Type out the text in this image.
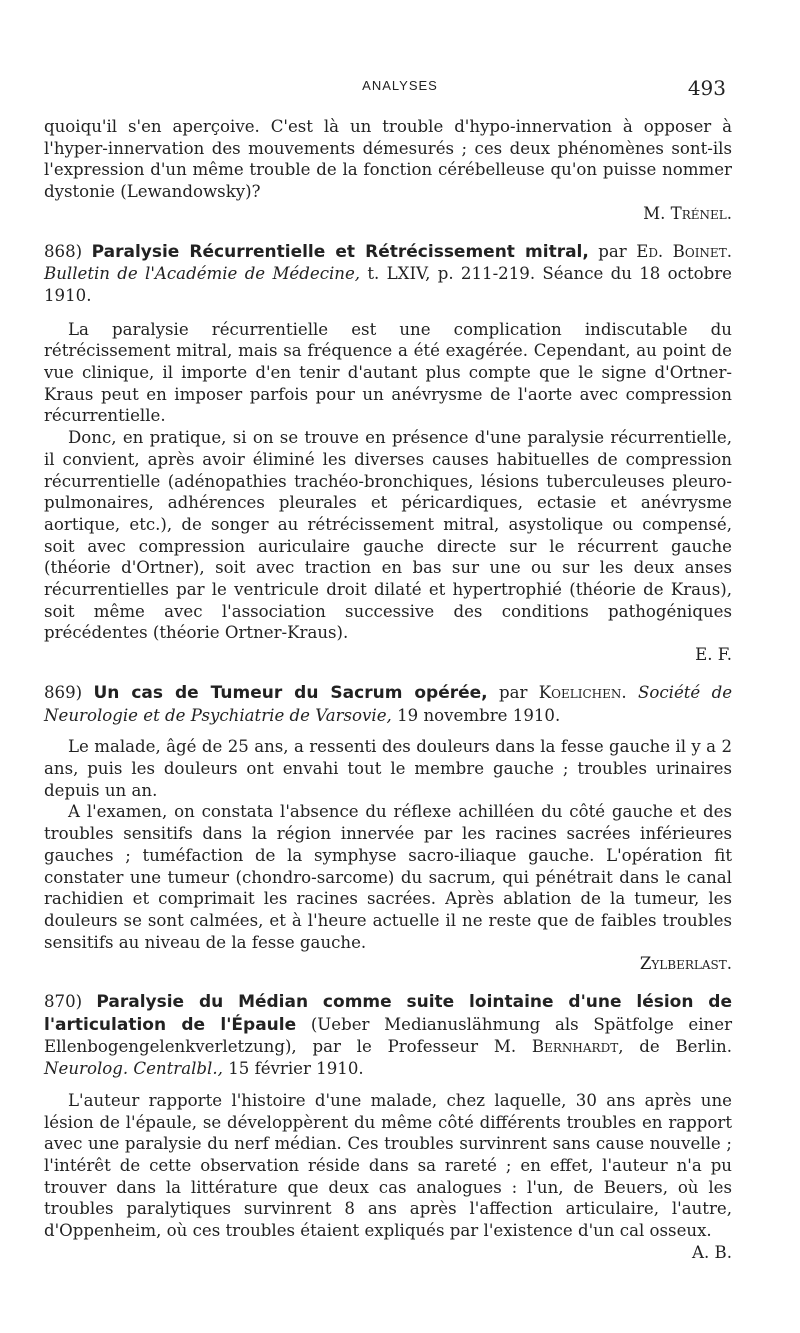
ANALYSES	493

quoiqu'il s'en aperçoive. C'est là un trouble d'hypo-innervation à opposer à l'hyper-innervation des mouvements démesurés ; ces deux phénomènes sont-ils l'expression d'un même trouble de la fonction cérébelleuse qu'on puisse nommer dystonie (Lewandowsky)?

M. Trénel.

868) Paralysie Récurrentielle et Rétrécissement mitral, par Ed. Boinet. Bulletin de l'Académie de Médecine, t. LXIV, p. 211-219. Séance du 18 octobre 1910.

La paralysie récurrentielle est une complication indiscutable du rétrécissement mitral, mais sa fréquence a été exagérée. Cependant, au point de vue clinique, il importe d'en tenir d'autant plus compte que le signe d'Ortner-Kraus peut en imposer parfois pour un anévrysme de l'aorte avec compression récurrentielle.

Donc, en pratique, si on se trouve en présence d'une paralysie récurrentielle, il convient, après avoir éliminé les diverses causes habituelles de compression récurrentielle (adénopathies trachéo-bronchiques, lésions tuberculeuses pleuro-pulmonaires, adhérences pleurales et péricardiques, ectasie et anévrysme aortique, etc.), de songer au rétrécissement mitral, asystolique ou compensé, soit avec compression auriculaire gauche directe sur le récurrent gauche (théorie d'Ortner), soit avec traction en bas sur une ou sur les deux anses récurrentielles par le ventricule droit dilaté et hypertrophié (théorie de Kraus), soit même avec l'association successive des conditions pathogéniques précédentes (théorie Ortner-Kraus).

E. F.

869) Un cas de Tumeur du Sacrum opérée, par Koelichen. Société de Neurologie et de Psychiatrie de Varsovie, 19 novembre 1910.

Le malade, âgé de 25 ans, a ressenti des douleurs dans la fesse gauche il y a 2 ans, puis les douleurs ont envahi tout le membre gauche ; troubles urinaires depuis un an.

A l'examen, on constata l'absence du réflexe achilléen du côté gauche et des troubles sensitifs dans la région innervée par les racines sacrées inférieures gauches ; tuméfaction de la symphyse sacro-iliaque gauche. L'opération fit constater une tumeur (chondro-sarcome) du sacrum, qui pénétrait dans le canal rachidien et comprimait les racines sacrées. Après ablation de la tumeur, les douleurs se sont calmées, et à l'heure actuelle il ne reste que de faibles troubles sensitifs au niveau de la fesse gauche.

Zylberlast.

870) Paralysie du Médian comme suite lointaine d'une lésion de l'articulation de l'Épaule (Ueber Medianuslähmung als Spätfolge einer Ellenbogengelenkverletzung), par le Professeur M. Bernhardt, de Berlin. Neurolog. Centralbl., 15 février 1910.

L'auteur rapporte l'histoire d'une malade, chez laquelle, 30 ans après une lésion de l'épaule, se développèrent du même côté différents troubles en rapport avec une paralysie du nerf médian. Ces troubles survinrent sans cause nouvelle ; l'intérêt de cette observation réside dans sa rareté ; en effet, l'auteur n'a pu trouver dans la littérature que deux cas analogues : l'un, de Beuers, où les troubles paralytiques survinrent 8 ans après l'affection articulaire, l'autre, d'Oppenheim, où ces troubles étaient expliqués par l'existence d'un cal osseux.

A. B.
